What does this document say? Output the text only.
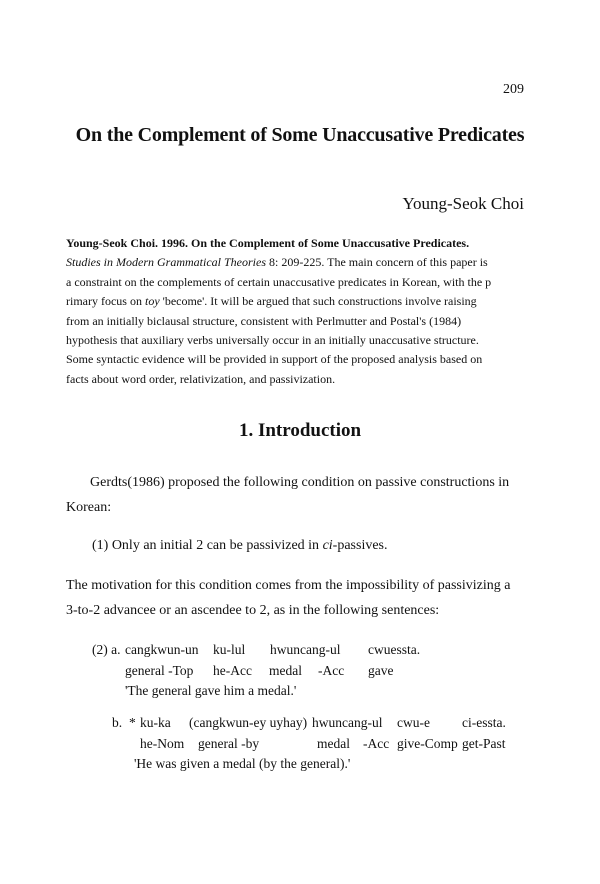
209
On the Complement of Some Unaccusative Predicates
Young-Seok Choi
Young-Seok Choi. 1996. On the Complement of Some Unaccusative Predicates.
Studies in Modern Grammatical Theories 8: 209-225. The main concern of this paper is
a constraint on the complements of certain unaccusative predicates in Korean, with the p
rimary focus on toy 'become'. It will be argued that such constructions involve raising
from an initially biclausal structure, consistent with Perlmutter and Postal's (1984)
hypothesis that auxiliary verbs universally occur in an initially unaccusative structure.
Some syntactic evidence will be provided in support of the proposed analysis based on
facts about word order, relativization, and passivization.
1. Introduction
Gerdts(1986) proposed the following condition on passive constructions in
Korean:
(1) Only an initial 2 can be passivized in ci-passives.
The motivation for this condition comes from the impossibility of passivizing a
3-to-2 advancee or an ascendee to 2, as in the following sentences:
(2) a. cangkwun-un ku-lul hwuncang-ul cwuessta.
general -Top he-Acc medal -Acc gave
'The general gave him a medal.'
b. * ku-ka (cangkwun-ey uyhay) hwuncang-ul cwu-e ci-essta.
he-Nom general -by	medal -Acc give-Comp get-Past
'He was given a medal (by the general).'
